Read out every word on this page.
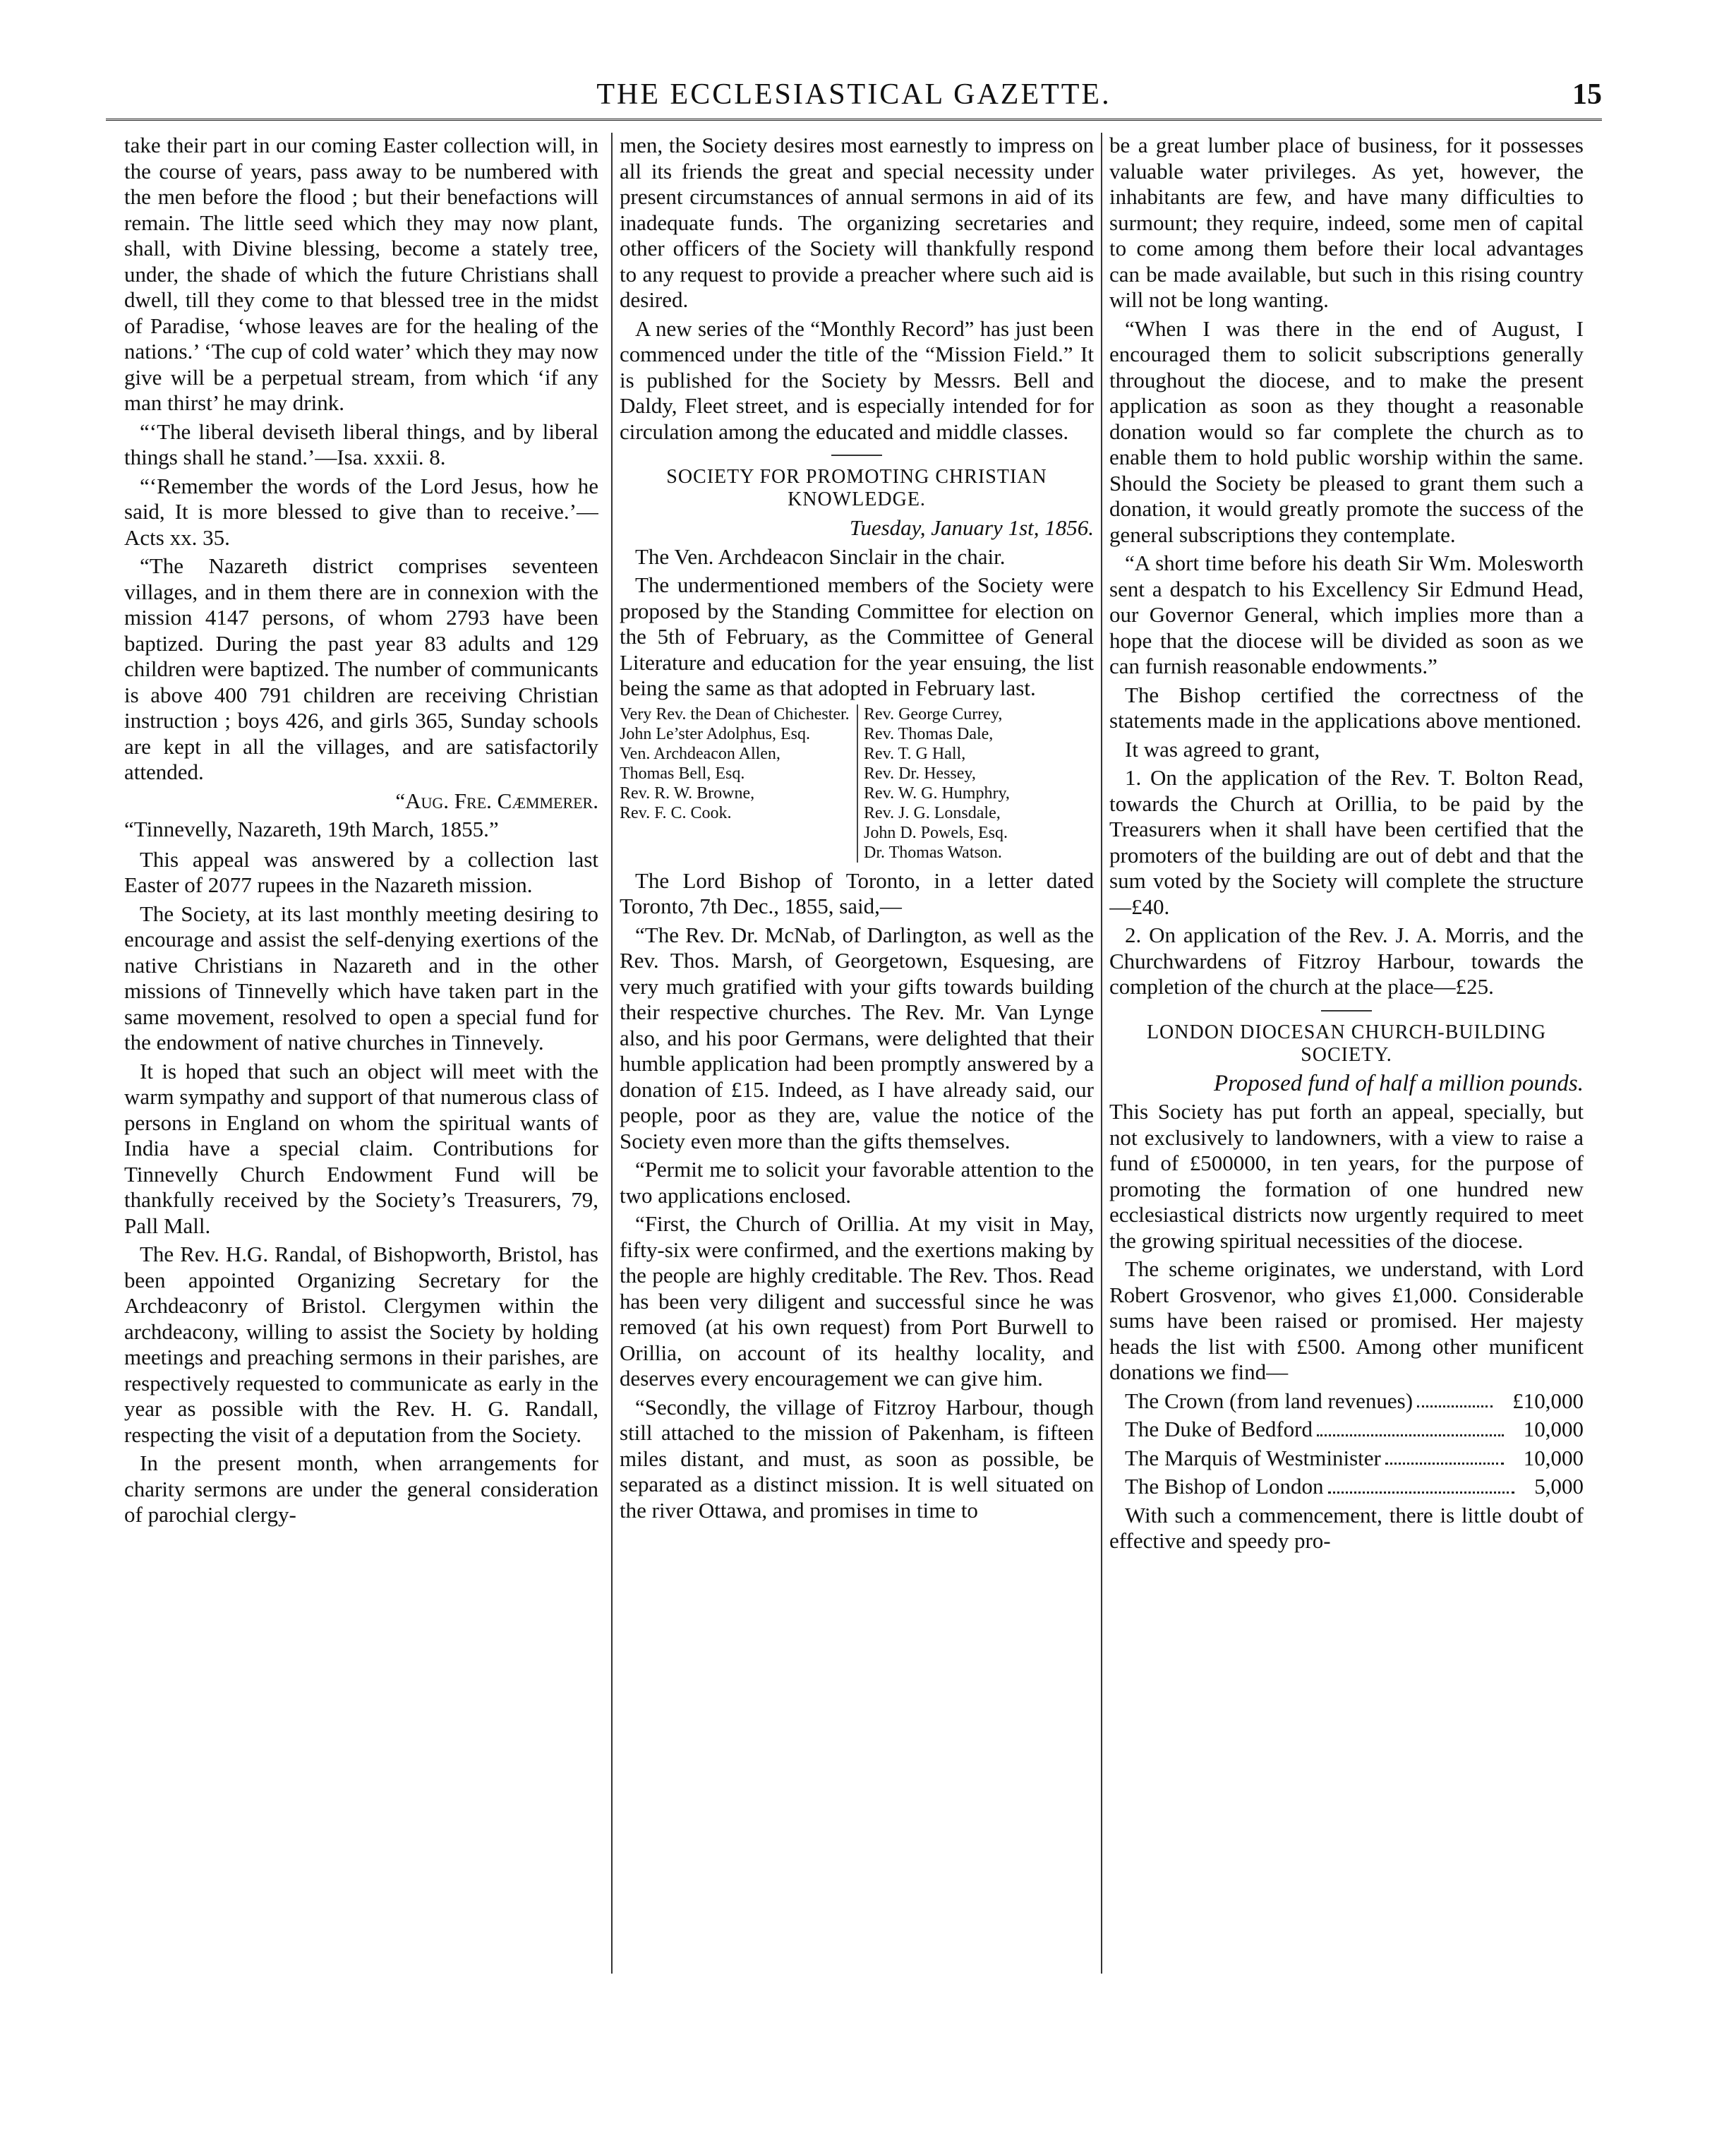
THE ECCLESIASTICAL GAZETTE.	15

take their part in our coming Easter collection will, in the course of years, pass away to be numbered with the men before the flood ; but their benefactions will remain. The little seed which they may now plant, shall, with Divine blessing, become a stately tree, under, the shade of which the future Christians shall dwell, till they come to that blessed tree in the midst of Paradise, ‘whose leaves are for the healing of the nations.’ ‘The cup of cold water’ which they may now give will be a perpetual stream, from which ‘if any man thirst’ he may drink.

“‘The liberal deviseth liberal things, and by liberal things shall he stand.’—Isa. xxxii. 8.

“‘Remember the words of the Lord Jesus, how he said, It is more blessed to give than to receive.’—Acts xx. 35.

“The Nazareth district comprises seventeen villages, and in them there are in connexion with the mission 4147 persons, of whom 2793 have been baptized. During the past year 83 adults and 129 children were baptized. The number of communicants is above 400 791 children are receiving Christian instruction ; boys 426, and girls 365, Sunday schools are kept in all the villages, and are satisfactorily attended.

“Aug. Fre. Cæmmerer.

“Tinnevelly, Nazareth, 19th March, 1855.”

This appeal was answered by a collection last Easter of 2077 rupees in the Nazareth mission.

The Society, at its last monthly meeting desiring to encourage and assist the self-denying exertions of the native Christians in Nazareth and in the other missions of Tinnevelly which have taken part in the same movement, resolved to open a special fund for the endowment of native churches in Tinnevely.

It is hoped that such an object will meet with the warm sympathy and support of that numerous class of persons in England on whom the spiritual wants of India have a special claim. Contributions for Tinnevelly Church Endowment Fund will be thankfully received by the Society’s Treasurers, 79, Pall Mall.

The Rev. H.G. Randal, of Bishopworth, Bristol, has been appointed Organizing Secretary for the Archdeaconry of Bristol. Clergymen within the archdeacony, willing to assist the Society by holding meetings and preaching sermons in their parishes, are respectively requested to communicate as early in the year as possible with the Rev. H. G. Randall, respecting the visit of a deputation from the Society.

In the present month, when arrangements for charity sermons are under the general consideration of parochial clergy-

men, the Society desires most earnestly to impress on all its friends the great and special necessity under present circumstances of annual sermons in aid of its inadequate funds. The organizing secretaries and other officers of the Society will thankfully respond to any request to provide a preacher where such aid is desired.

A new series of the “Monthly Record” has just been commenced under the title of the “Mission Field.” It is published for the Society by Messrs. Bell and Daldy, Fleet street, and is especially intended for for circulation among the educated and middle classes.

SOCIETY FOR PROMOTING CHRISTIAN KNOWLEDGE.

Tuesday, January 1st, 1856.

The Ven. Archdeacon Sinclair in the chair.

The undermentioned members of the Society were proposed by the Standing Committee for election on the 5th of February, as the Committee of General Literature and education for the year ensuing, the list being the same as that adopted in February last.

Very Rev. the Dean of Chichester.
John Le’ster Adolphus, Esq.
Ven. Archdeacon Allen,
Thomas Bell, Esq.
Rev. R. W. Browne,
Rev. F. C. Cook.
Rev. George Currey,
Rev. Thomas Dale,
Rev. T. G Hall,
Rev. Dr. Hessey,
Rev. W. G. Humphry,
Rev. J. G. Lonsdale,
John D. Powels, Esq.
Dr. Thomas Watson.

The Lord Bishop of Toronto, in a letter dated Toronto, 7th Dec., 1855, said,—

“The Rev. Dr. McNab, of Darlington, as well as the Rev. Thos. Marsh, of Georgetown, Esquesing, are very much gratified with your gifts towards building their respective churches. The Rev. Mr. Van Lynge also, and his poor Germans, were delighted that their humble application had been promptly answered by a donation of £15. Indeed, as I have already said, our people, poor as they are, value the notice of the Society even more than the gifts themselves.

“Permit me to solicit your favorable attention to the two applications enclosed.

“First, the Church of Orillia. At my visit in May, fifty-six were confirmed, and the exertions making by the people are highly creditable. The Rev. Thos. Read has been very diligent and successful since he was removed (at his own request) from Port Burwell to Orillia, on account of its healthy locality, and deserves every encouragement we can give him.

“Secondly, the village of Fitzroy Harbour, though still attached to the mission of Pakenham, is fifteen miles distant, and must, as soon as possible, be separated as a distinct mission. It is well situated on the river Ottawa, and promises in time to

be a great lumber place of business, for it possesses valuable water privileges. As yet, however, the inhabitants are few, and have many difficulties to surmount; they require, indeed, some men of capital to come among them before their local advantages can be made available, but such in this rising country will not be long wanting.

“When I was there in the end of August, I encouraged them to solicit subscriptions generally throughout the diocese, and to make the present application as soon as they thought a reasonable donation would so far complete the church as to enable them to hold public worship within the same. Should the Society be pleased to grant them such a donation, it would greatly promote the success of the general subscriptions they contemplate.

“A short time before his death Sir Wm. Molesworth sent a despatch to his Excellency Sir Edmund Head, our Governor General, which implies more than a hope that the diocese will be divided as soon as we can furnish reasonable endowments.”

The Bishop certified the correctness of the statements made in the applications above mentioned.

It was agreed to grant,

1. On the application of the Rev. T. Bolton Read, towards the Church at Orillia, to be paid by the Treasurers when it shall have been certified that the promoters of the building are out of debt and that the sum voted by the Society will complete the structure—£40.

2. On application of the Rev. J. A. Morris, and the Churchwardens of Fitzroy Harbour, towards the completion of the church at the place—£25.

LONDON DIOCESAN CHURCH-BUILDING SOCIETY.

Proposed fund of half a million pounds.

This Society has put forth an appeal, specially, but not exclusively to landowners, with a view to raise a fund of £500000, in ten years, for the purpose of promoting the formation of one hundred new ecclesiastical districts now urgently required to meet the growing spiritual necessities of the diocese.

The scheme originates, we understand, with Lord Robert Grosvenor, who gives £1,000. Considerable sums have been raised or promised. Her majesty heads the list with £500. Among other munificent donations we find—

The Crown (from land revenues)	£10,000

The Duke of Bedford	10,000

The Marquis of Westminister	10,000

The Bishop of London	5,000

With such a commencement, there is little doubt of effective and speedy pro-
